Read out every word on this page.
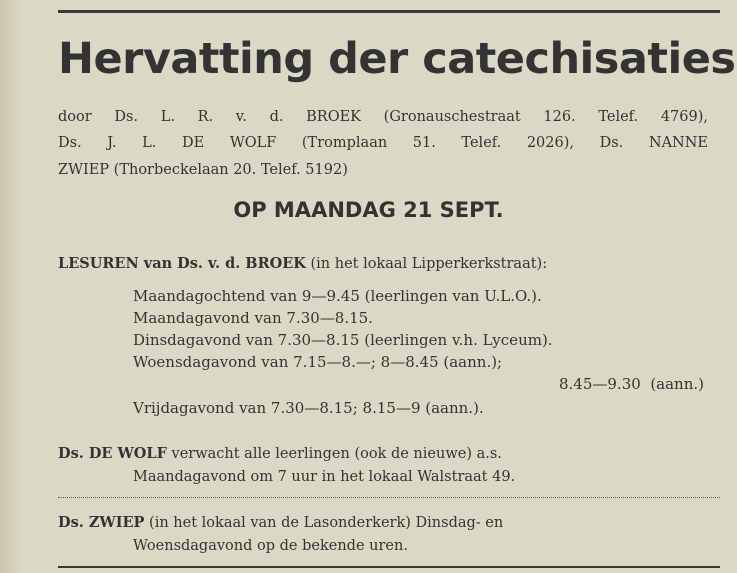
Hervatting der catechisaties
door Ds. L. R. v. d. BROEK (Gronauschestraat 126. Telef. 4769),
Ds. J. L. DE WOLF (Tromplaan 51. Telef. 2026), Ds. NANNE
ZWIEP (Thorbeckelaan 20. Telef. 5192)
OP MAANDAG 21 SEPT.
LESUREN van Ds. v. d. BROEK (in het lokaal Lipperkerkstraat):
Maandagochtend van 9—9.45 (leerlingen van U.L.O.).
Maandagavond van 7.30—8.15.
Dinsdagavond van 7.30—8.15 (leerlingen v.h. Lyceum).
Woensdagavond van 7.15—8.—; 8—8.45 (aann.);
8.45—9.30  (aann.)
Vrijdagavond van 7.30—8.15; 8.15—9 (aann.).
Ds. DE WOLF verwacht alle leerlingen (ook de nieuwe) a.s.
Maandagavond om 7 uur in het lokaal Walstraat 49.
Ds. ZWIEP (in het lokaal van de Lasonderkerk) Dinsdag- en
Woensdagavond op de bekende uren.
